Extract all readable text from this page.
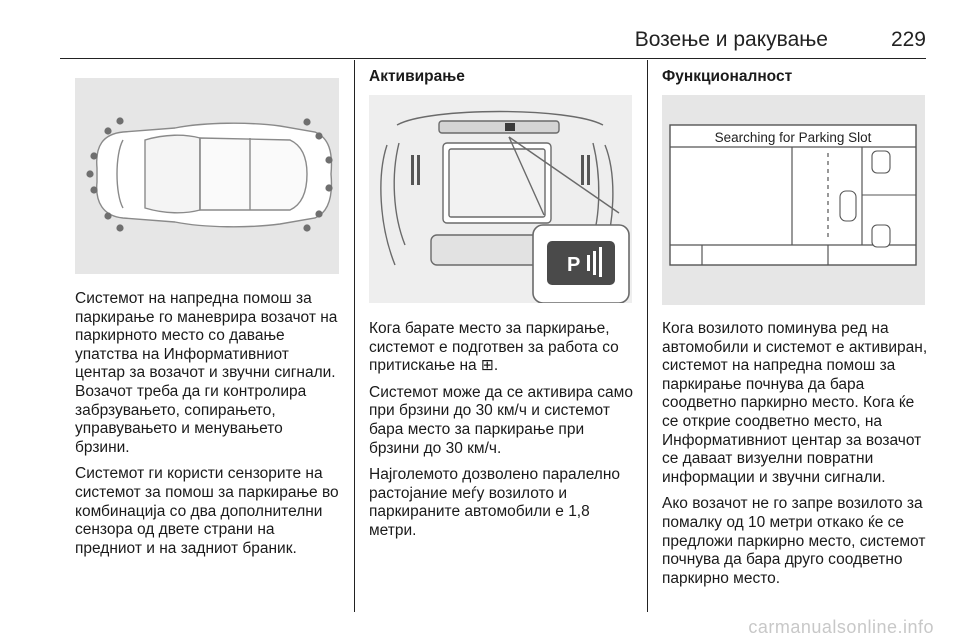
Возење и ракување	229

Системот на напредна помош за паркирање го маневрира возачот на паркирното место со давање упатства на Информативниот центар за возачот и звучни сигнали. Возачот треба да ги контролира забрзувањето, сопирањето, управувањето и менувањето брзини.

Системот ги користи сензорите на системот за помош за паркирање во комбинација со два дополнителни сензора од двете страни на предниот и на задниот браник.

Активирање
P

Кога барате место за паркирање, системот е подготвен за работа со притискање на ⊞.

Системот може да се активира само при брзини до 30 км/ч и системот бара место за паркирање при брзини до 30 км/ч.

Најголемото дозволено паралелно растојание меѓу возилото и паркираните автомобили е 1,8 метри.

Функционалност
Searching for Parking Slot

Кога возилото поминува ред на автомобили и системот е активиран, системот на напредна помош за паркирање почнува да бара соодветно паркирно место. Кога ќе се открие соодветно место, на Информативниот центар за возачот се даваат визуелни повратни информации и звучни сигнали.

Ако возачот не го запре возилото за помалку од 10 метри откако ќе се предложи паркирно место, системот почнува да бара друго соодветно паркирно место.

carmanualsonline.info
